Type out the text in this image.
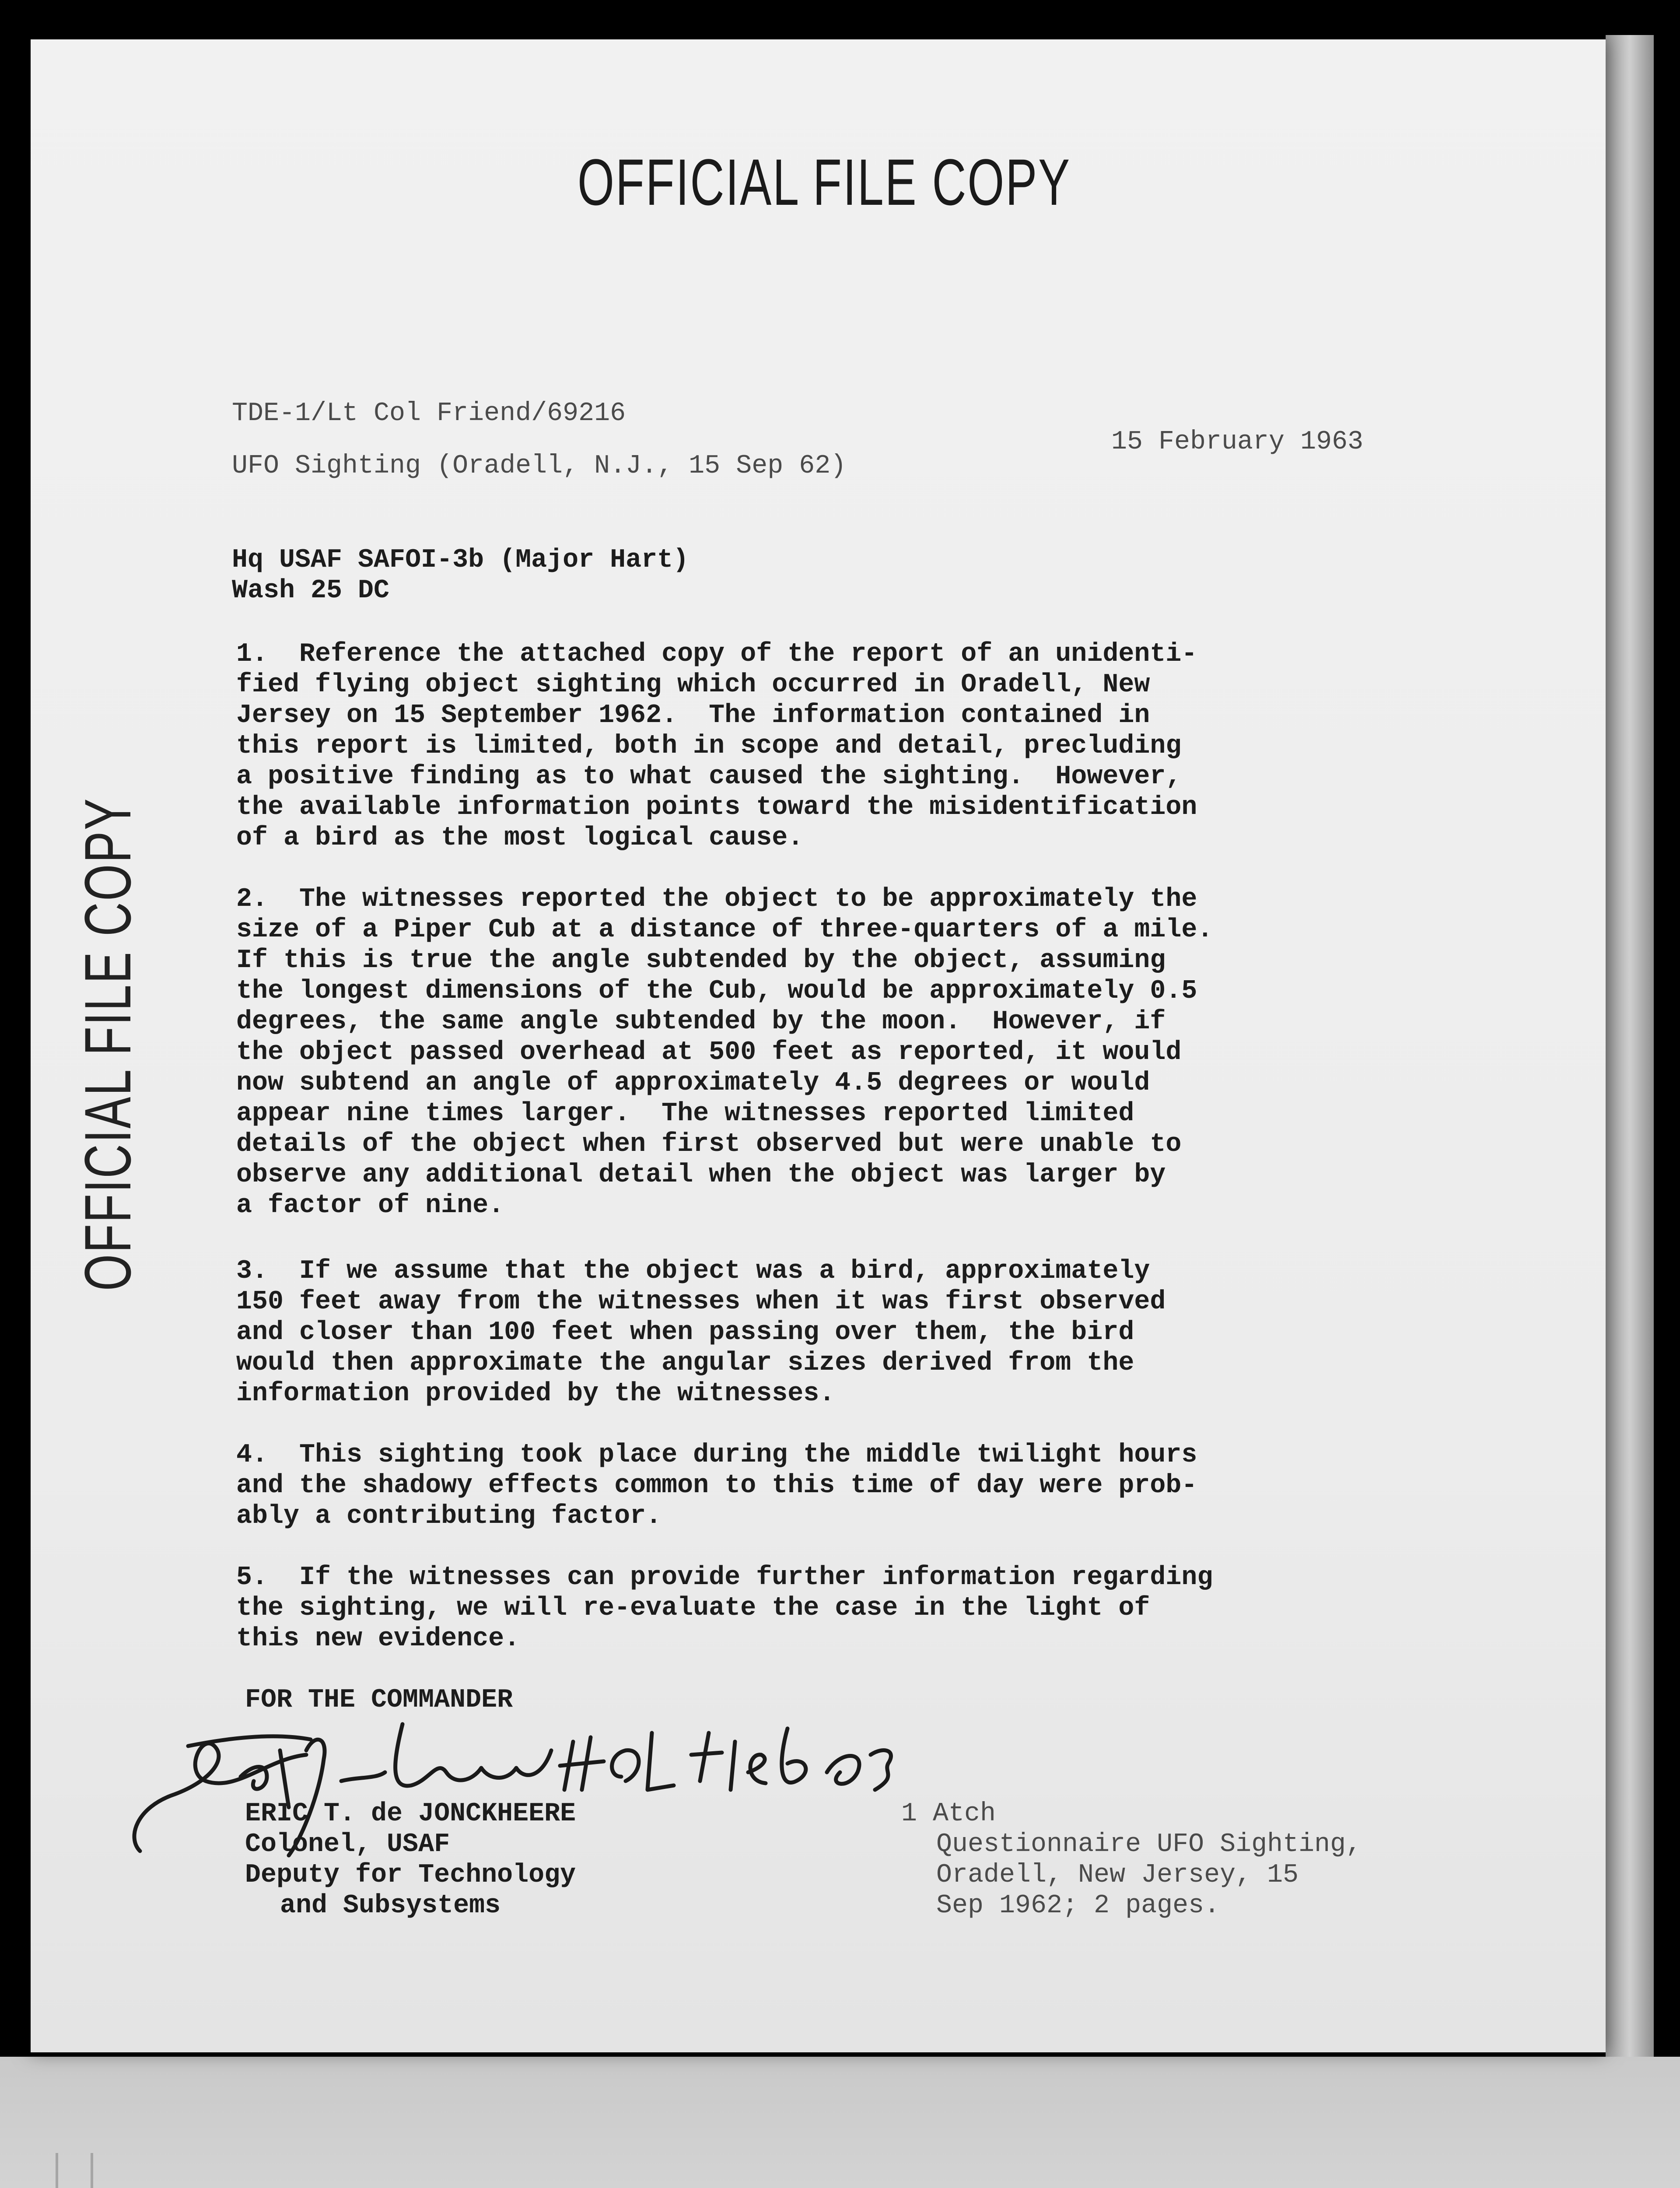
OFFICIAL FILE COPY
OFFICIAL FILE COPY
TDE-1/Lt Col Friend/69216
15 February 1963
UFO Sighting (Oradell, N.J., 15 Sep 62)
Hq USAF SAFOI-3b (Major Hart)
Wash 25 DC
1.  Reference the attached copy of the report of an unidenti-
fied flying object sighting which occurred in Oradell, New
Jersey on 15 September 1962.  The information contained in
this report is limited, both in scope and detail, precluding
a positive finding as to what caused the sighting.  However,
the available information points toward the misidentification
of a bird as the most logical cause.
2.  The witnesses reported the object to be approximately the
size of a Piper Cub at a distance of three-quarters of a mile.
If this is true the angle subtended by the object, assuming
the longest dimensions of the Cub, would be approximately 0.5
degrees, the same angle subtended by the moon.  However, if
the object passed overhead at 500 feet as reported, it would
now subtend an angle of approximately 4.5 degrees or would
appear nine times larger.  The witnesses reported limited
details of the object when first observed but were unable to
observe any additional detail when the object was larger by
a factor of nine.
3.  If we assume that the object was a bird, approximately
150 feet away from the witnesses when it was first observed
and closer than 100 feet when passing over them, the bird
would then approximate the angular sizes derived from the
information provided by the witnesses.
4.  This sighting took place during the middle twilight hours
and the shadowy effects common to this time of day were prob-
ably a contributing factor.
5.  If the witnesses can provide further information regarding
the sighting, we will re-evaluate the case in the light of
this new evidence.
FOR THE COMMANDER
ERIC T. de JONCKHEERE
Colonel, USAF
Deputy for Technology
and Subsystems
1 Atch
Questionnaire UFO Sighting,
Oradell, New Jersey, 15
Sep 1962; 2 pages.
